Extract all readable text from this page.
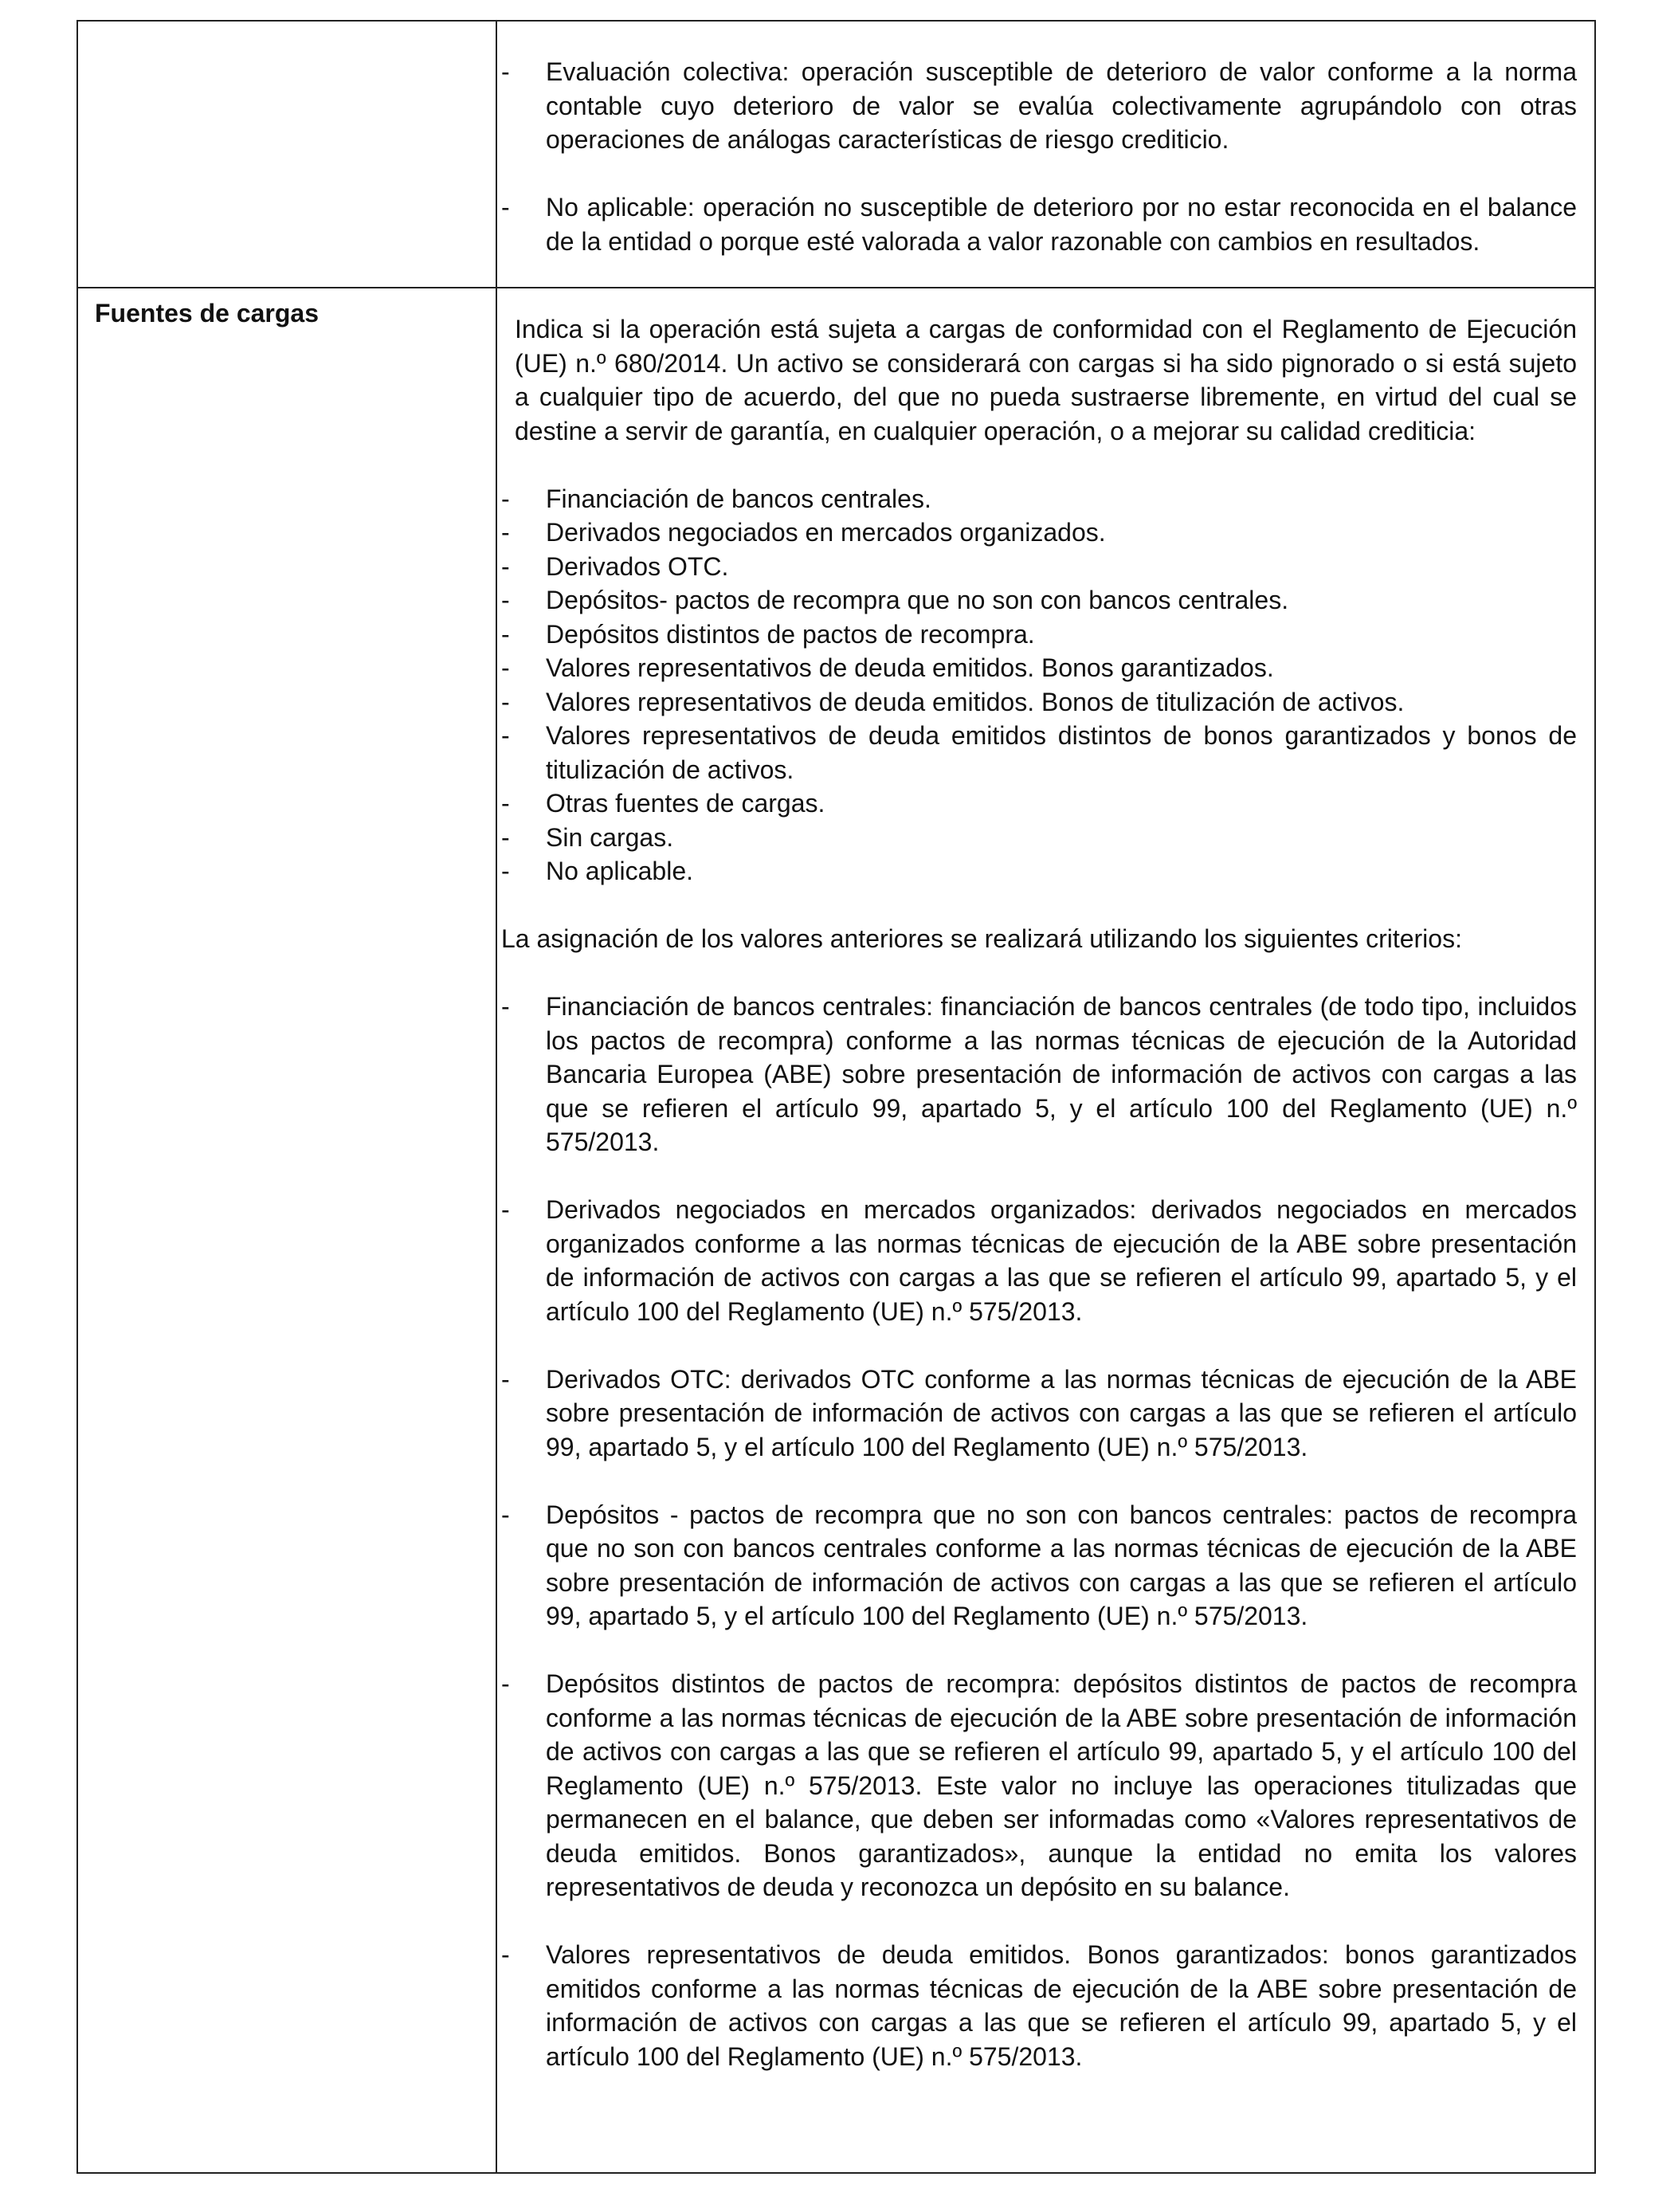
- Evaluación colectiva: operación susceptible de deterioro de valor conforme a la norma contable cuyo deterioro de valor se evalúa colectivamente agrupándolo con otras operaciones de análogas características de riesgo crediticio.

- No aplicable: operación no susceptible de deterioro por no estar reconocida en el balance de la entidad o porque esté valorada a valor razonable con cambios en resultados.

Fuentes de cargas

Indica si la operación está sujeta a cargas de conformidad con el Reglamento de Ejecución (UE) n.º 680/2014. Un activo se considerará con cargas si ha sido pignorado o si está sujeto a cualquier tipo de acuerdo, del que no pueda sustraerse libremente, en virtud del cual se destine a servir de garantía, en cualquier operación, o a mejorar su calidad crediticia:

- Financiación de bancos centrales.

- Derivados negociados en mercados organizados.

- Derivados OTC.

- Depósitos- pactos de recompra que no son con bancos centrales.

- Depósitos distintos de pactos de recompra.

- Valores representativos de deuda emitidos. Bonos garantizados.

- Valores representativos de deuda emitidos. Bonos de titulización de activos.

- Valores representativos de deuda emitidos distintos de bonos garantizados y bonos de titulización de activos.

- Otras fuentes de cargas.

- Sin cargas.

- No aplicable.

La asignación de los valores anteriores se realizará utilizando los siguientes criterios:

- Financiación de bancos centrales: financiación de bancos centrales (de todo tipo, incluidos los pactos de recompra) conforme a las normas técnicas de ejecución de la Autoridad Bancaria Europea (ABE) sobre presentación de información de activos con cargas a las que se refieren el artículo 99, apartado 5, y el artículo 100 del Reglamento (UE) n.º 575/2013.

- Derivados negociados en mercados organizados: derivados negociados en mercados organizados conforme a las normas técnicas de ejecución de la ABE sobre presentación de información de activos con cargas a las que se refieren el artículo 99, apartado 5, y el artículo 100 del Reglamento (UE) n.º 575/2013.

- Derivados OTC: derivados OTC conforme a las normas técnicas de ejecución de la ABE sobre presentación de información de activos con cargas a las que se refieren el artículo 99, apartado 5, y el artículo 100 del Reglamento (UE) n.º 575/2013.

- Depósitos - pactos de recompra que no son con bancos centrales: pactos de recompra que no son con bancos centrales conforme a las normas técnicas de ejecución de la ABE sobre presentación de información de activos con cargas a las que se refieren el artículo 99, apartado 5, y el artículo 100 del Reglamento (UE) n.º 575/2013.

- Depósitos distintos de pactos de recompra: depósitos distintos de pactos de recompra conforme a las normas técnicas de ejecución de la ABE sobre presentación de información de activos con cargas a las que se refieren el artículo 99, apartado 5, y el artículo 100 del Reglamento (UE) n.º 575/2013. Este valor no incluye las operaciones titulizadas que permanecen en el balance, que deben ser informadas como «Valores representativos de deuda emitidos. Bonos garantizados», aunque la entidad no emita los valores representativos de deuda y reconozca un depósito en su balance.

- Valores representativos de deuda emitidos. Bonos garantizados: bonos garantizados emitidos conforme a las normas técnicas de ejecución de la ABE sobre presentación de información de activos con cargas a las que se refieren el artículo 99, apartado 5, y el artículo 100 del Reglamento (UE) n.º 575/2013.
